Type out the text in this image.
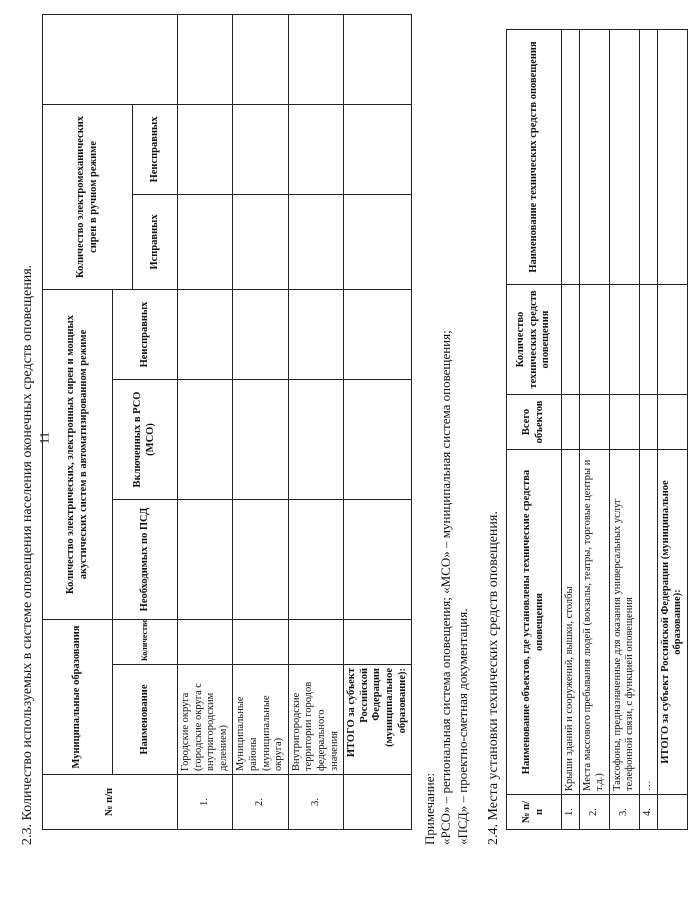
11
2.3. Количество используемых в системе оповещения населения оконечных средств оповещения.	№ п/п	Муниципальные образования		Количество электрических, электронных сирен и мощных акустических систем в автоматизированном режиме			Количество электромеханических сирен в ручном режиме		
	Наименование	Количество	Необходимых по ПСД	Включенных в РСО (МСО)	Неисправных			
						Исправных	Неисправных	
1.	Городские округа (городские округа с внутригородским делением)							
2.	Муниципальные районы (муниципальные округа)							
3.	Внутригородские территории городов федерального значения							
	ИТОГО за субъект Российской Федерации (муниципальное образование):							
Примечание: «РСО» – региональная система оповещения; «МСО» – муниципальная система оповещения; «ПСД» – проектно-сметная документация. 2.4. Места установки технических средств оповещения. № п/п	Наименование объектов, где установлены технические средства оповещения	Всего объектов	Количество технических средств оповещения	Наименование технических средств оповещения
1.	Крыши зданий и сооружений, вышки, столбы			
2.	Места массового пребывания людей (вокзалы, театры, торговые центры и т.д.)			
3.	Таксофоны, предназначенные для оказания универсальных услуг телефонной связи, с функцией оповещения			
4.	…			
	ИТОГО за субъект Российской Федерации (муниципальное образование):			
